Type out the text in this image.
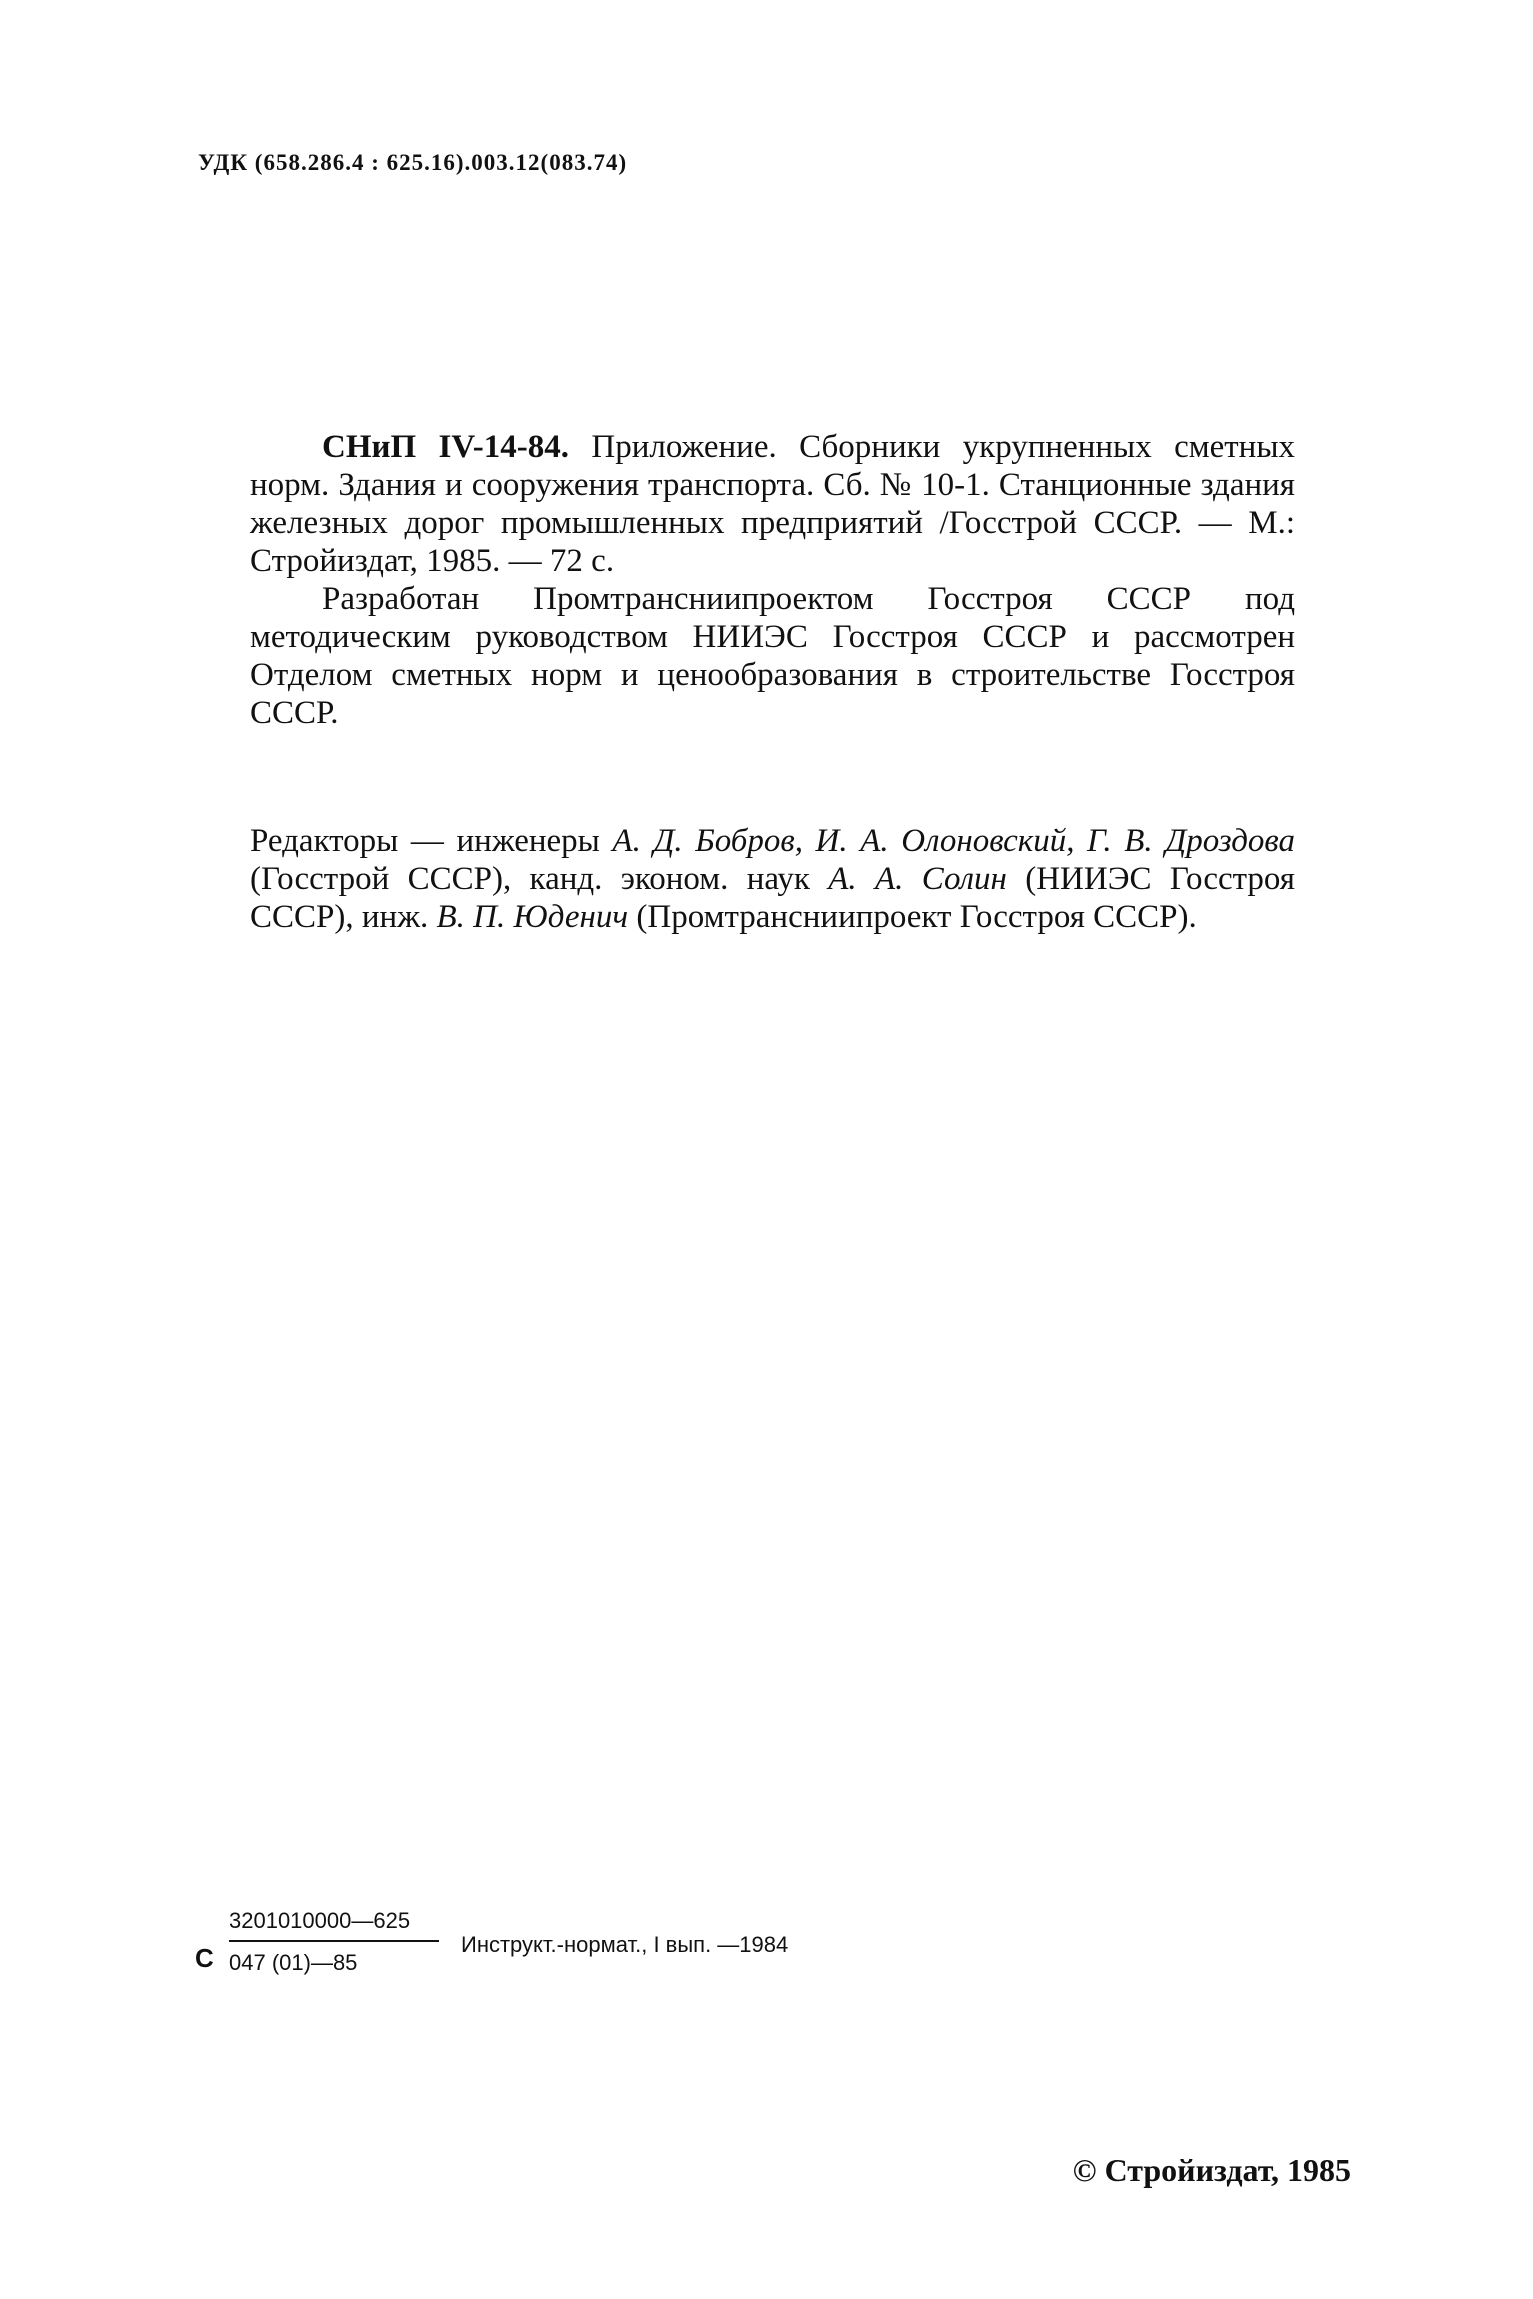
УДК (658.286.4 : 625.16).003.12(083.74)

СНиП IV-14-84. Приложение. Сборники укрупненных сметных норм. Здания и сооружения транспорта. Сб. № 10-1. Станционные здания железных дорог промышленных предприятий /Госстрой СССР. — М.: Стройиздат, 1985. — 72 с.

Разработан Промтрансниипроектом Госстроя СССР под методическим руководством НИИЭС Госстроя СССР и рассмотрен Отделом сметных норм и ценообразования в строительстве Госстроя СССР.

Редакторы — инженеры А. Д. Бобров, И. А. Олоновский, Г. В. Дроздова (Госстрой СССР), канд. эконом. наук А. А. Солин (НИИЭС Госстроя СССР), инж. В. П. Юденич (Промтрансниипроект Госстроя СССР).

С $\frac{3201010000—625}{047 (01)—85}$ Инструкт.-нормат., I вып. —1984
© Стройиздат, 1985
